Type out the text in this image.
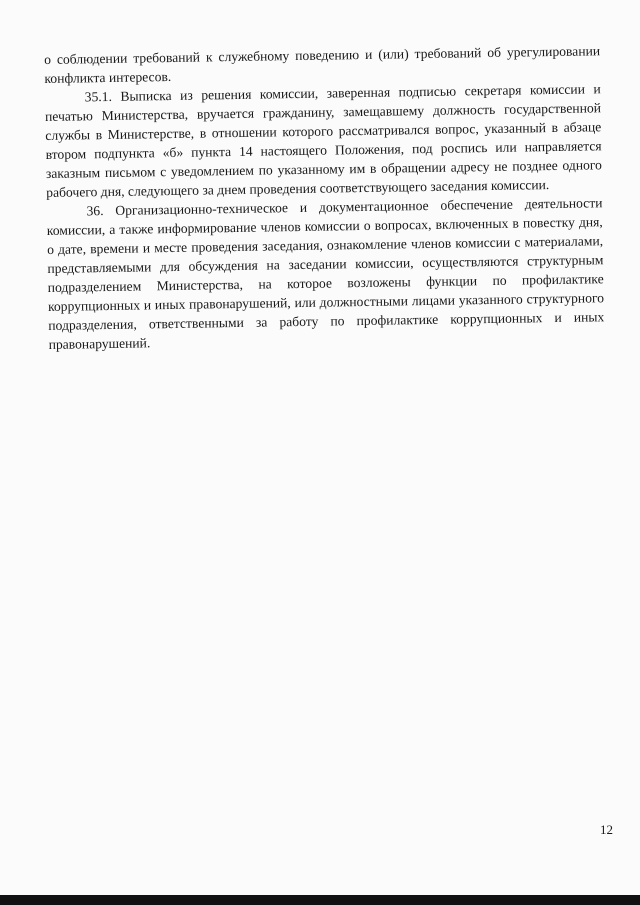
о соблюдении требований к служебному поведению и (или) требований об урегулировании конфликта интересов.

35.1. Выписка из решения комиссии, заверенная подписью секретаря комиссии и печатью Министерства, вручается гражданину, замещавшему должность государственной службы в Министерстве, в отношении которого рассматривался вопрос, указанный в абзаце втором подпункта «б» пункта 14 настоящего Положения, под роспись или направляется заказным письмом с уведомлением по указанному им в обращении адресу не позднее одного рабочего дня, следующего за днем проведения соответствующего заседания комиссии.

36. Организационно-техническое и документационное обеспечение деятельности комиссии, а также информирование членов комиссии о вопросах, включенных в повестку дня, о дате, времени и месте проведения заседания, ознакомление членов комиссии с материалами, представляемыми для обсуждения на заседании комиссии, осуществляются структурным подразделением Министерства, на которое возложены функции по профилактике коррупционных и иных правонарушений, или должностными лицами указанного структурного подразделения, ответственными за работу по профилактике коррупционных и иных правонарушений.

12
